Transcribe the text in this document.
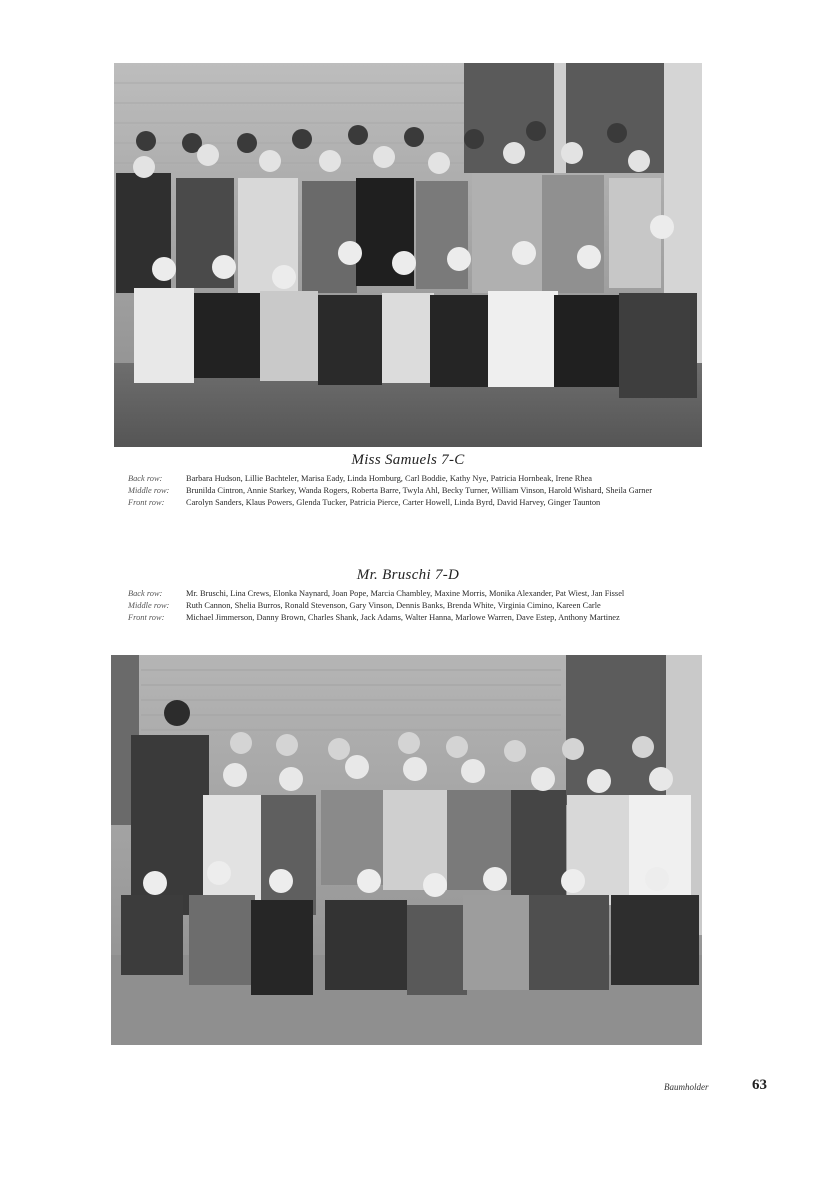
Miss Samuels 7-C
Back row:	Barbara Hudson, Lillie Bachteler, Marisa Eady, Linda Homburg, Carl Boddie, Kathy Nye, Patricia Hornbeak, Irene Rhea
Middle row:	Brunilda Cintron, Annie Starkey, Wanda Rogers, Roberta Barre, Twyla Ahl, Becky Turner, William Vinson, Harold Wishard, Sheila Garner
Front row:	Carolyn Sanders, Klaus Powers, Glenda Tucker, Patricia Pierce, Carter Howell, Linda Byrd, David Harvey, Ginger Taunton
Mr. Bruschi 7-D
Back row:	Mr. Bruschi, Lina Crews, Elonka Naynard, Joan Pope, Marcia Chambley, Maxine Morris, Monika Alexander, Pat Wiest, Jan Fissel
Middle row:	Ruth Cannon, Shelia Burros, Ronald Stevenson, Gary Vinson, Dennis Banks, Brenda White, Virginia Cimino, Kareen Carle
Front row:	Michael Jimmerson, Danny Brown, Charles Shank, Jack Adams, Walter Hanna, Marlowe Warren, Dave Estep, Anthony Martinez
Baumholder	63
